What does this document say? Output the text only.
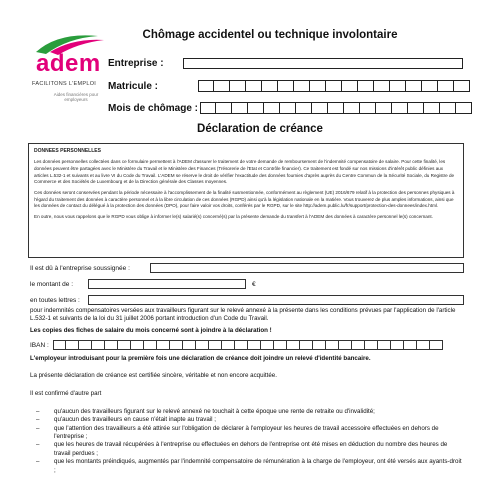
adem
FACILITONS L'EMPLOI
Aides financières pour employeurs
Chômage accidentel ou technique involontaire
Entreprise :
Matricule :
Mois de chômage :
Déclaration de créance
DONNEES PERSONNELLES

Les données personnelles collectées dans ce formulaire permettent à l'ADEM d'assurer le traitement de votre demande de remboursement de l'indemnité compensatoire de salaire. Pour cette finalité, les données peuvent être partagées avec le Ministère du Travail et le Ministère des Finances (Trésorerie de l'Etat et Contrôle financier). Ce traitement est fondé sur nos missions d'intérêt public définies aux articles L.532-1 et suivants et au livre VI du Code du Travail. L'ADEM se réserve le droit de vérifier l'exactitude des données fournies d'après auprès du Centre Commun de la Sécurité Sociale, du Registre de Commerce et des Sociétés de Luxembourg et de la Direction générale des Classes moyennes.

Ces données seront conservées pendant la période nécessaire à l'accomplissement de la finalité susmentionnée, conformément au règlement (UE) 2016/679 relatif à la protection des personnes physiques à l'égard du traitement des données à caractère personnel et à la libre circulation de ces données (RGPD) ainsi qu'à la législation nationale en la matière. Vous trouverez de plus amples informations, ainsi que les données de contact du délégué à la protection des données (DPO), pour faire valoir vos droits, conférés par le RGPD, sur le site http://adem.public.lu/fr/support/protection-des-donnees/index.html.

En outre, nous vous rappelons que le RGPD vous oblige à informer le(s) salarié(s) concerné(s) par la présente demande du transfert à l'ADEM des données à caractère personnel le(s) concernant.

Il est dû à l'entreprise soussignée :
le montant de :	€
en toutes lettres :
pour indemnités compensatoires versées aux travailleurs figurant sur le relevé annexé à la présente dans les conditions prévues par l'application de l'article L.532-1 et suivants de la loi du 31 juillet 2006 portant introduction d'un Code du Travail.
Les copies des fiches de salaire du mois concerné sont à joindre à la déclaration !
IBAN :
L'employeur introduisant pour la première fois une déclaration de créance doit joindre un relevé d'identité bancaire.
La présente déclaration de créance est certifiée sincère, véritable et non encore acquittée.
Il est confirmé d'autre part
– qu'aucun des travailleurs figurant sur le relevé annexé ne touchait à cette époque une rente de retraite ou d'invalidité;
– qu'aucun des travailleurs en cause n'était inapte au travail ;
– que l'attention des travailleurs a été attirée sur l'obligation de déclarer à l'employeur les heures de travail accessoire effectuées en dehors de l'entreprise ;
– que les heures de travail récupérées à l'entreprise ou effectuées en dehors de l'entreprise ont été mises en déduction du nombre des heures de travail perdues ;
– que les montants préindiqués, augmentés par l'indemnité compensatoire de rémunération à la charge de l'employeur, ont été versés aux ayants-droit ;
